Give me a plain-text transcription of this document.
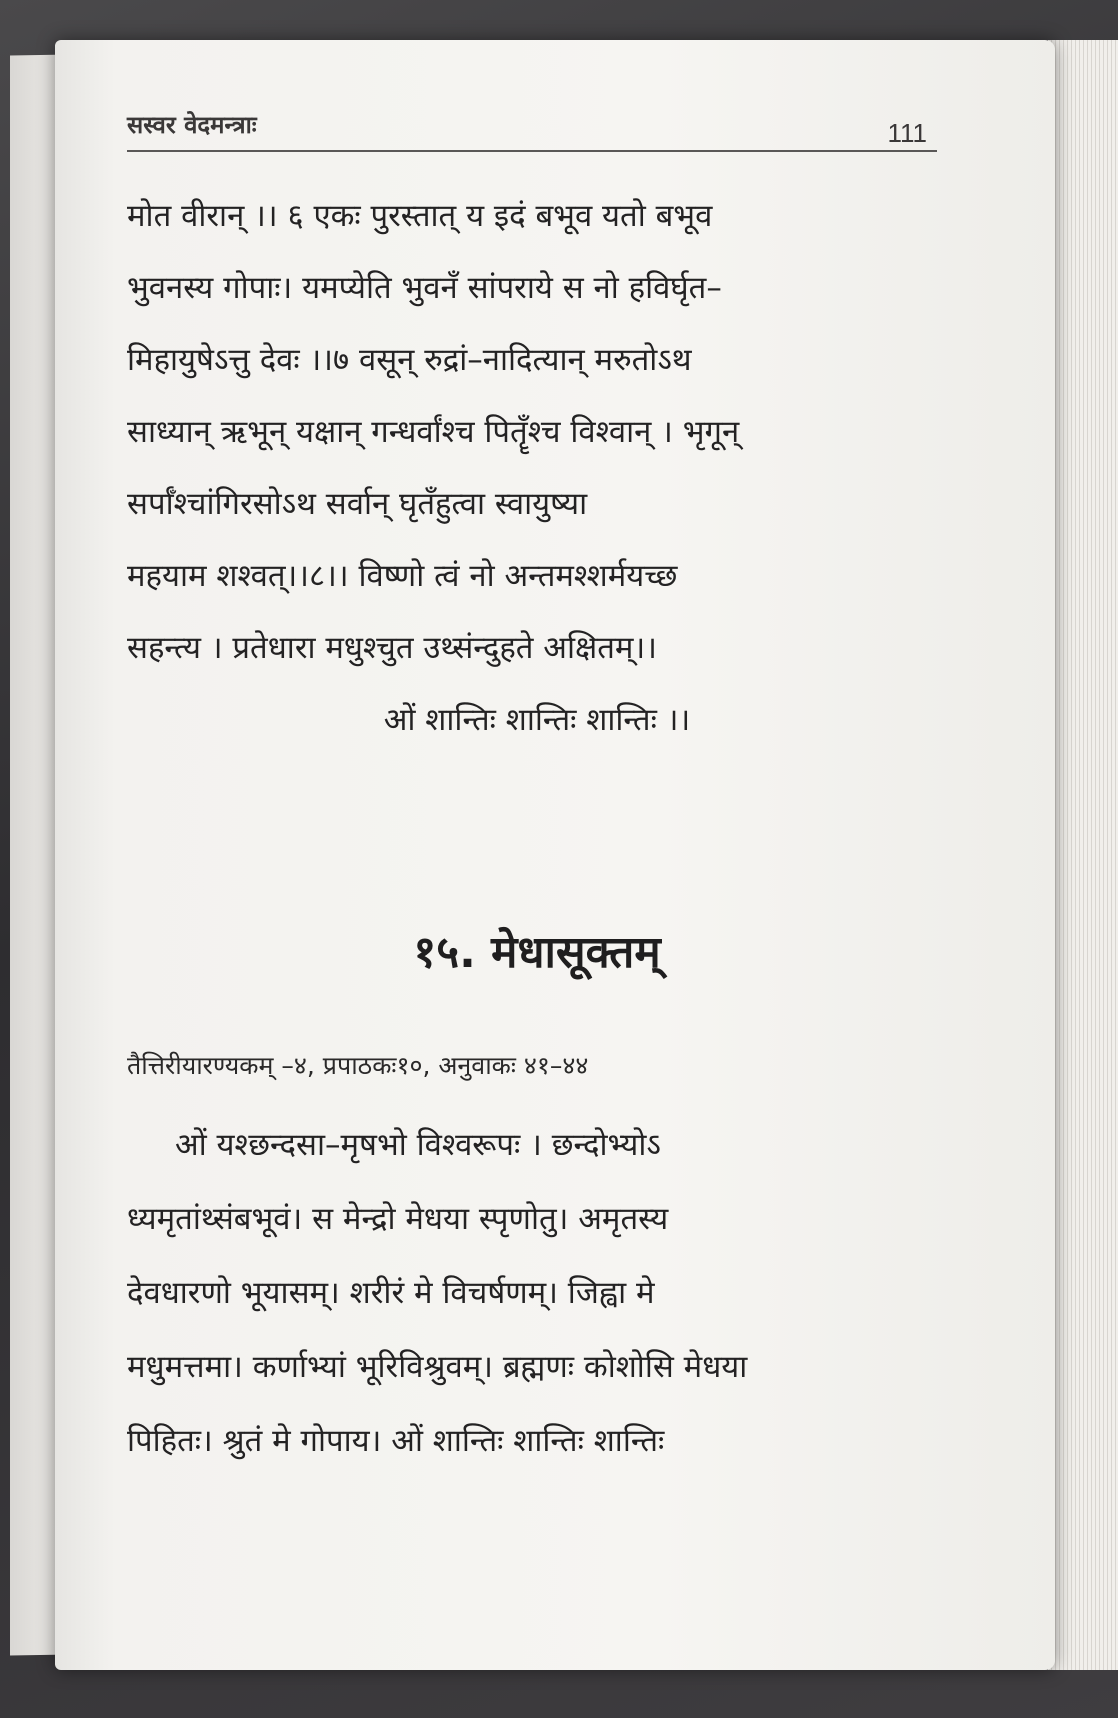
सस्वर वेदमन्त्राः	111
मोत वीरान् ।। ६ एकः पुरस्तात् य इदं बभूव यतो बभूव
भुवनस्य गोपाः। यमप्येति भुवनॅं सांपराये स नो हविर्घृत–
मिहायुषेऽत्तु देवः ।।७ वसून् रुद्रां–नादित्यान् मरुतोऽथ
साध्यान् ऋभून् यक्षान् गन्धर्वांश्च पितॄँश्च विश्वान् । भृगून्
सर्पाँश्चांगिरसोऽथ सर्वान् घृतँहुत्वा स्वायुष्या
महयाम शश्वत्।।८।। विष्णो त्वं नो अन्तमश्शर्मयच्छ
सहन्त्य । प्रतेधारा मधुश्चुत उथ्संन्दुहते अक्षितम्।।
ओं शान्तिः शान्तिः शान्तिः ।।
१५. मेधासूक्तम्
तैत्तिरीयारण्यकम् –४, प्रपाठकः१०, अनुवाकः ४१–४४
ओं यश्छन्दसा–मृषभो विश्वरूपः । छन्दोभ्योऽ
ध्यमृतांथ्संबभूवं। स मेन्द्रो मेधया स्पृणोतु। अमृतस्य
देवधारणो भूयासम्। शरीरं मे विचर्षणम्। जिह्वा मे
मधुमत्तमा। कर्णाभ्यां भूरिविश्रुवम्। ब्रह्मणः कोशोसि मेधया
पिहितः। श्रुतं मे गोपाय। ओं शान्तिः शान्तिः शान्तिः
